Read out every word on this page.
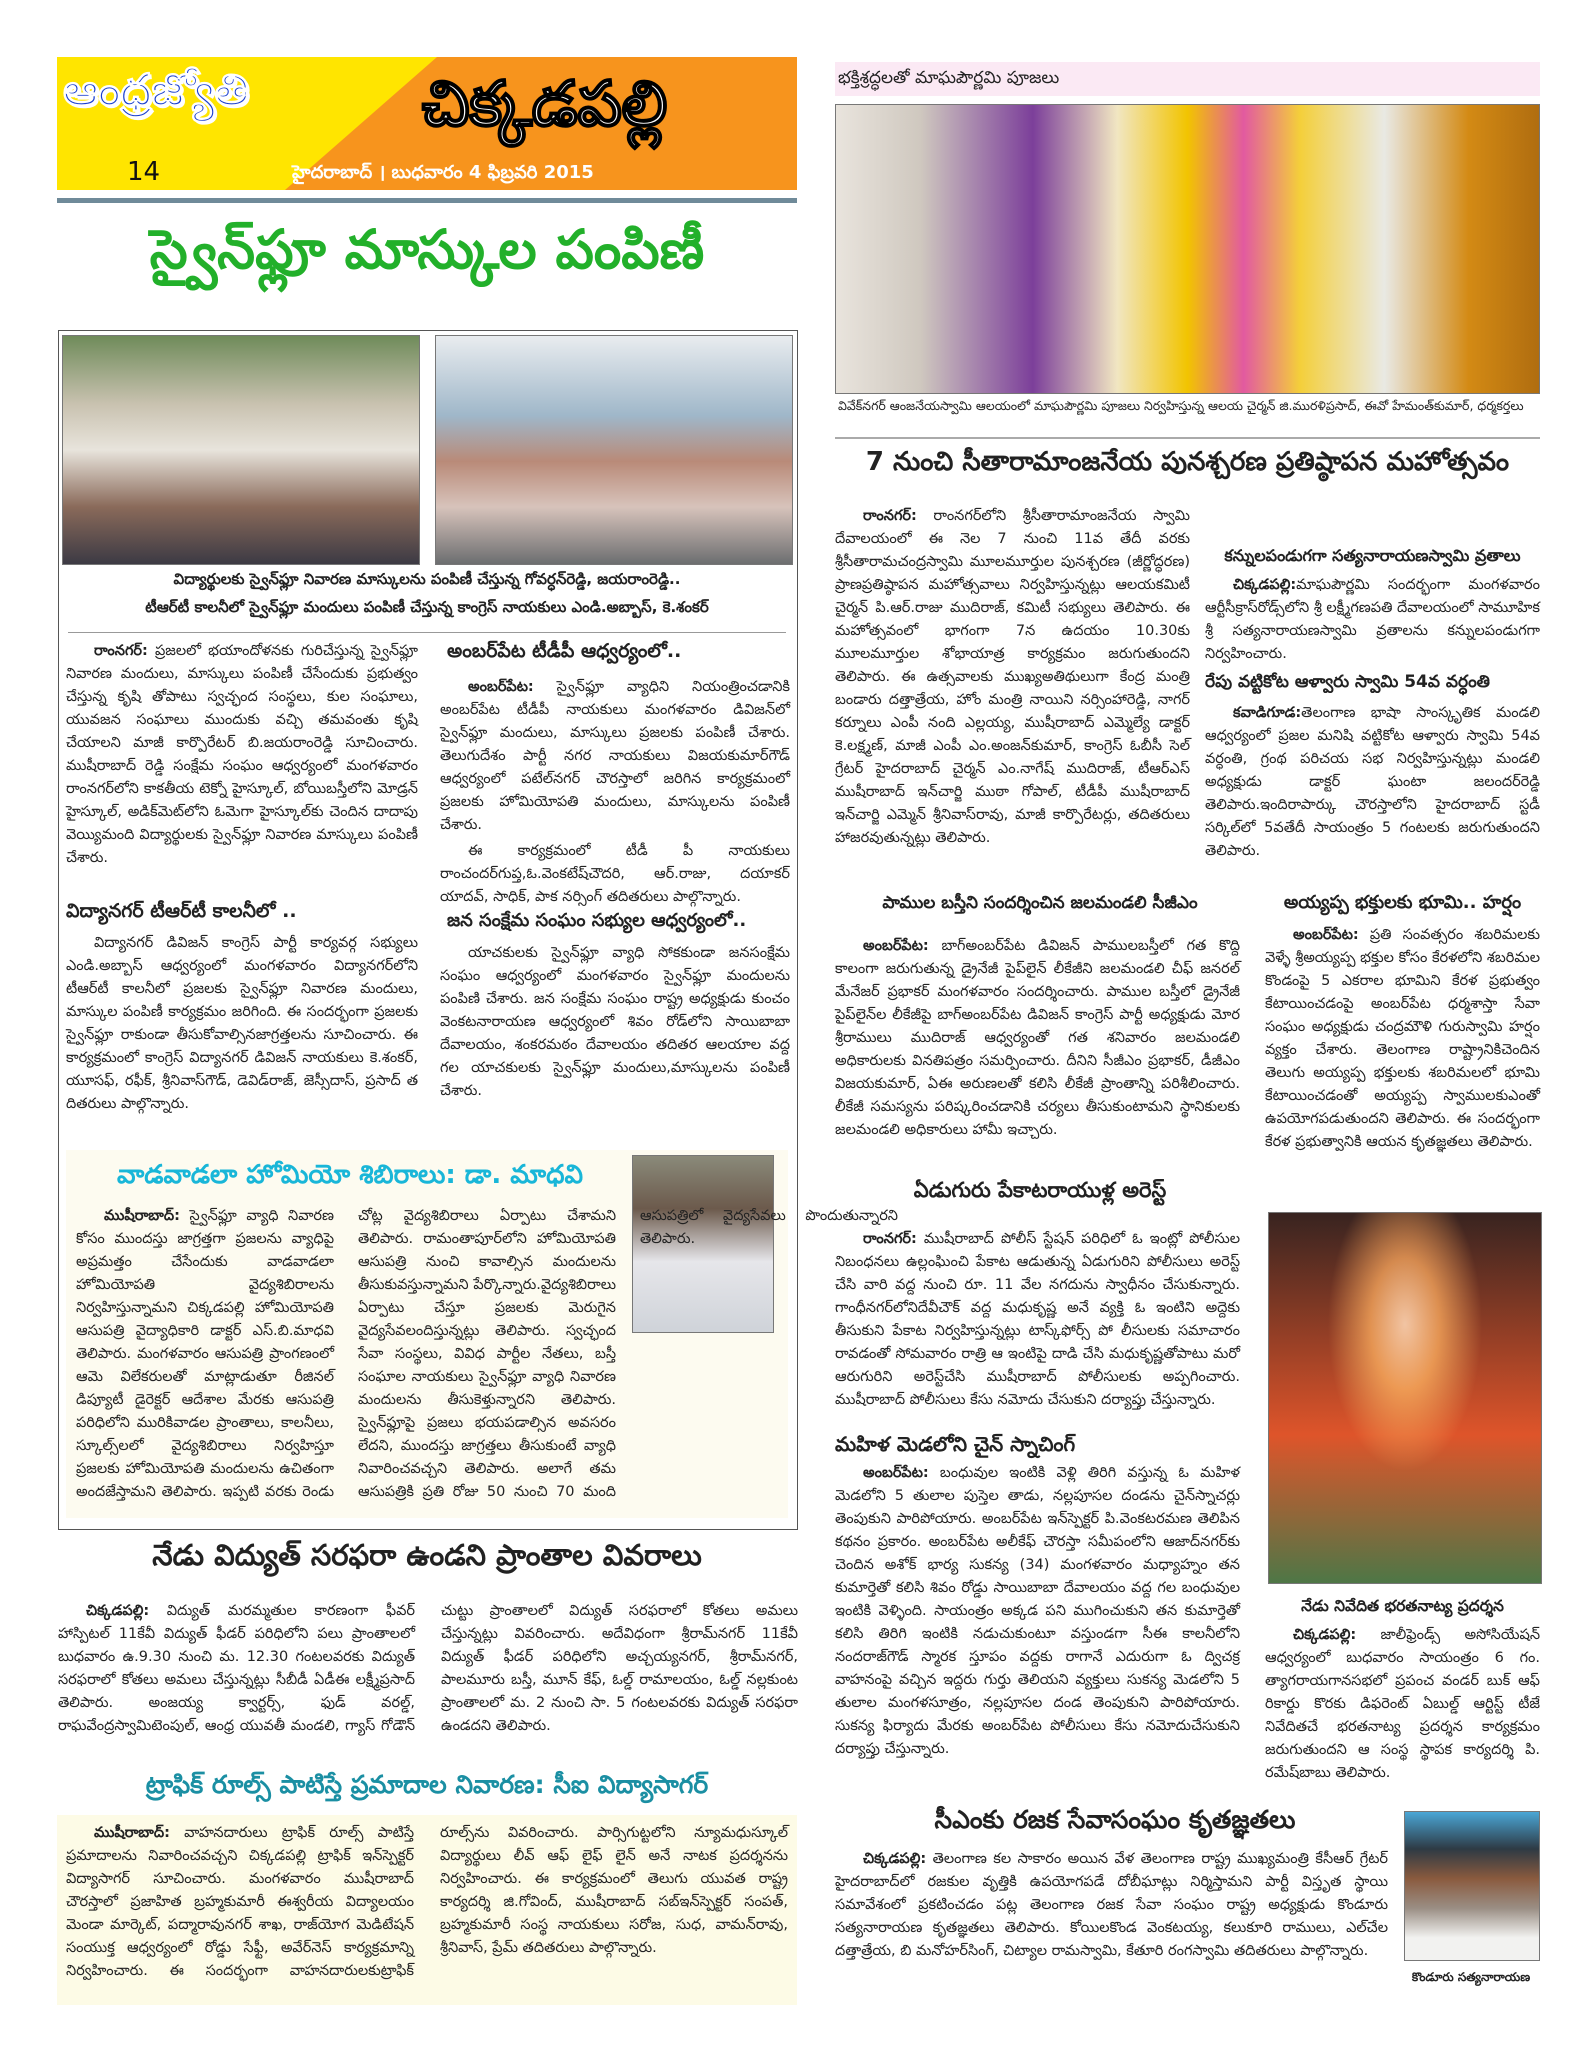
ఆంధ్రజ్యోతి
14
చిక్కడపల్లి
హైదరాబాద్ । బుధవారం 4 ఫిబ్రవరి 2015
స్వైన్‌ఫ్లూ మాస్కుల పంపిణీ
విద్యార్థులకు స్వైన్‌ఫ్లూ నివారణ మాస్కులను పంపిణీ చేస్తున్న గోవర్ధన్‌రెడ్డి, జయరాంరెడ్డి..
టీఆర్‌టీ కాలనీలో స్వైన్‌ఫ్లూ మందులు పంపిణీ చేస్తున్న కాంగ్రెస్ నాయకులు ఎండి.అబ్బాస్, కె.శంకర్
రాంనగర్: ప్రజలలో భయాందోళనకు గురిచేస్తున్న స్వైన్‌ఫ్లూ నివారణ మందులు, మాస్కులు పంపిణీ చేసేందుకు ప్రభుత్వం చేస్తున్న కృషి తోపాటు స్వచ్ఛంద సంస్థలు, కుల సంఘాలు, యువజన సంఘాలు ముందుకు వచ్చి తమవంతు కృషి చేయాలని మాజీ కార్పొరేటర్ బి.జయరాంరెడ్డి సూచించారు. ముషీరాబాద్ రెడ్డి సంక్షేమ సంఘం ఆధ్వర్యంలో మంగళవారం రాంనగర్‌లోని కాకతీయ టెక్నో హైస్కూల్, బోయిబస్తీలోని మోడ్రన్ హైస్కూల్, అడిక్‌మెట్‌లోని ఓమెగా హైస్కూల్‌కు చెందిన దాదాపు వెయ్యిమంది విద్యార్థులకు స్వైన్‌ఫ్లూ నివారణ మాస్కులు పంపిణీ చేశారు.
విద్యానగర్ టీఆర్‌టీ కాలనీలో ..
విద్యానగర్ డివిజన్ కాంగ్రెస్ పార్టీ కార్యవర్గ సభ్యులు ఎండి.అబ్బాస్ ఆధ్వర్యంలో మంగళవారం విద్యానగర్‌లోని టీఆర్‌టీ కాలనీలో ప్రజలకు స్వైన్‌ఫ్లూ నివారణ మందులు, మాస్కుల పంపిణీ కార్యక్రమం జరిగింది. ఈ సందర్భంగా ప్రజలకు స్వైన్‌ఫ్లూ రాకుండా తీసుకోవాల్సినజాగ్రత్తలను సూచించారు. ఈ కార్యక్రమంలో కాంగ్రెస్ విద్యానగర్ డివిజన్ నాయకులు కె.శంకర్, యూసఫ్, రఫీక్, శ్రీనివాస్‌గౌడ్, డెవిడ్‌రాజ్, జెస్సీదాస్, ప్రసాద్ త దితరులు పాల్గొన్నారు.
అంబర్‌పేట టీడీపీ ఆధ్వర్యంలో..
అంబర్‌పేట: స్వైన్‌ఫ్లూ వ్యాధిని నియంత్రించడానికి అంబర్‌పేట టీడీపీ నాయకులు మంగళవారం డివిజన్‌లో స్వైన్‌ఫ్లూ మందులు, మాస్కులు ప్రజలకు పంపిణీ చేశారు. తెలుగుదేశం పార్టీ నగర నాయకులు విజయకుమార్‌గౌడ్ ఆధ్వర్యంలో పటేల్‌నగర్ చౌరస్తాలో జరిగిన కార్యక్రమంలో ప్రజలకు హోమియోపతి మందులు, మాస్కులను పంపిణీ చేశారు.
ఈ కార్యక్రమంలో టీడీ పీ నాయకులు రాంచందర్‌గుప్త,ఓ.వెంకటేష్‌చౌదరి, ఆర్.రాజు, దయాకర్ యాదవ్, సాధిక్, పాక నర్సింగ్ తదితరులు పాల్గొన్నారు.
జన సంక్షేమ సంఘం సభ్యుల ఆధ్వర్యంలో..
యాచకులకు స్వైన్‌ఫ్లూ వ్యాధి సోకకుండా జనసంక్షేమ సంఘం ఆధ్వర్యంలో మంగళవారం స్వైన్‌ఫ్లూ మందులను పంపిణి చేశారు. జన సంక్షేమ సంఘం రాష్ట్ర అధ్యక్షుడు కుంచం వెంకటనారాయణ ఆధ్వర్యంలో శివం రోడ్‌లోని సాయిబాబా దేవాలయం, శంకరమఠం దేవాలయం తదితర ఆలయాల వద్ద గల యాచకులకు స్వైన్‌ఫ్లూ మందులు,మాస్కులను పంపిణీ చేశారు.
వాడవాడలా హోమియో శిబిరాలు: డా. మాధవి
ముషీరాబాద్: స్వైన్‌ఫ్లూ వ్యాధి నివారణ కోసం ముందస్తు జాగ్రత్తగా ప్రజలను వ్యాధిపై అప్రమత్తం చేసేందుకు వాడవాడలా హోమియోపతి వైద్యశిబిరాలను నిర్వహిస్తున్నామని చిక్కడపల్లి హోమియోపతి ఆసుపత్రి వైద్యాధికారి డాక్టర్ ఎస్.బి.మాధవి తెలిపారు. మంగళవారం ఆసుపత్రి ప్రాంగణంలో ఆమె విలేకరులతో మాట్లాడుతూ రీజినల్ డిప్యూటీ డైరెక్టర్ ఆదేశాల మేరకు ఆసుపత్రి పరిధిలోని మురికివాడల ప్రాంతాలు, కాలనీలు, స్కూల్స్‌లలో వైద్యశిబిరాలు నిర్వహిస్తూ ప్రజలకు హోమియోపతి మందులను ఉచితంగా అందజేస్తామని తెలిపారు. ఇప్పటి వరకు రెండు చోట్ల వైద్యశిబిరాలు ఏర్పాటు చేశామని తెలిపారు. రామంతాపూర్‌లోని హోమియోపతి ఆసుపత్రి నుంచి కావాల్సిన మందులను తీసుకువస్తున్నామని పేర్కొన్నారు.వైద్యశిబిరాలు ఏర్పాటు చేస్తూ ప్రజలకు మెరుగైన వైద్యసేవలందిస్తున్నట్లు తెలిపారు. స్వచ్ఛంద సేవా సంస్థలు, వివిధ పార్టీల నేతలు, బస్తీ సంఘాల నాయకులు స్వైన్‌ఫ్లూ వ్యాధి నివారణ మందులను తీసుకెళ్తున్నారని తెలిపారు. స్వైన్‌ఫ్లూపై ప్రజలు భయపడాల్సిన అవసరం లేదని, ముందస్తు జాగ్రత్తలు తీసుకుంటే వ్యాధి నివారించవచ్చని తెలిపారు. అలాగే తమ ఆసుపత్రికి ప్రతి రోజు 50 నుంచి 70 మంది ఆసుపత్రిలో వైద్యసేవలు పొందుతున్నారని తెలిపారు.
నేడు విద్యుత్ సరఫరా ఉండని ప్రాంతాల వివరాలు
చిక్కడపల్లి: విద్యుత్ మరమ్మతుల కారణంగా ఫీవర్ హాస్పిటల్ 11కేవీ విద్యుత్ ఫీడర్ పరిధిలోని పలు ప్రాంతాలలో బుధవారం ఉ.9.30 నుంచి మ. 12.30 గంటలవరకు విద్యుత్ సరఫరాలో కోతలు అమలు చేస్తున్నట్లు సీబీడీ ఏడీఈ లక్ష్మీప్రసాద్ తెలిపారు. అంజయ్య క్వార్టర్స్, ఫుడ్ వరల్డ్, రాఘవేంద్రస్వామిటెంపుల్, ఆంధ్ర యువతీ మండలి, గ్యాస్ గోడౌన్ చుట్టు ప్రాంతాలలో విద్యుత్ సరఫరాలో కోతలు అమలు చేస్తున్నట్లు వివరించారు. అదేవిధంగా శ్రీరామ్‌నగర్ 11కేవీ విద్యుత్ ఫీడర్ పరిధిలోని అచ్చయ్యనగర్, శ్రీరామ్‌నగర్, పాలమూరు బస్తీ, మూన్ కేఫ్, ఓల్డ్ రామాలయం, ఓల్డ్ నల్లకుంట ప్రాంతాలలో మ. 2 నుంచి సా. 5 గంటలవరకు విద్యుత్ సరఫరా ఉండదని తెలిపారు.
ట్రాఫిక్ రూల్స్ పాటిస్తే ప్రమాదాల నివారణ: సీఐ విద్యాసాగర్
ముషీరాబాద్: వాహనదారులు ట్రాఫిక్ రూల్స్ పాటిస్తే ప్రమాదాలను నివారించవచ్చని చిక్కడపల్లి ట్రాఫిక్ ఇన్‌స్పెక్టర్ విద్యాసాగర్ సూచించారు. మంగళవారం ముషీరాబాద్ చౌరస్తాలో ప్రజాహిత బ్రహ్మకుమారీ ఈశ్వరీయ విద్యాలయం మెండా మార్కెట్, పద్మారావునగర్ శాఖ, రాజ్‌యోగ మెడిటేషన్ సంయుక్త ఆధ్వర్యంలో రోడ్డు సేఫ్టీ, అవేర్‌నెస్ కార్యక్రమాన్ని నిర్వహించారు. ఈ సందర్భంగా వాహనదారులకుట్రాఫిక్ రూల్స్‌ను వివరించారు. పార్సిగుట్టలోని న్యూమధుస్కూల్ విద్యార్థులు లీవ్ ఆఫ్ లైఫ్ లైన్ అనే నాటక ప్రదర్శనను నిర్వహించారు. ఈ కార్యక్రమంలో తెలుగు యువత రాష్ట్ర కార్యదర్శి జి.గోవింద్, ముషీరాబాద్ సబ్‌ఇన్‌స్పెక్టర్ సంపత్, బ్రహ్మకుమారీ సంస్థ నాయకులు సరోజ, సుధ, వామన్‌రావు, శ్రీనివాస్, ప్రేమ్ తదితరులు పాల్గొన్నారు.
భక్తిశ్రద్ధలతో మాఘపౌర్ణమి పూజలు
వివేక్‌నగర్ ఆంజనేయస్వామి ఆలయంలో మాఘపౌర్ణమి పూజలు నిర్వహిస్తున్న ఆలయ చైర్మన్ జి.మురళిప్రసాద్, ఈవో హేమంత్‌కుమార్, ధర్మకర్తలు
7 నుంచి సీతారామాంజనేయ పునశ్చరణ ప్రతిష్ఠాపన మహోత్సవం
రాంనగర్: రాంనగర్‌లోని శ్రీసీతారామాంజనేయ స్వామి దేవాలయంలో ఈ నెల 7 నుంచి 11వ తేదీ వరకు శ్రీసీతారామచంద్రస్వామి మూలమూర్తుల పునశ్చరణ (జీర్ణోద్ధరణ) ప్రాణప్రతిష్ఠాపన మహోత్సవాలు నిర్వహిస్తున్నట్లు ఆలయకమిటీ చైర్మన్ పి.ఆర్.రాజు ముదిరాజ్, కమిటీ సభ్యులు తెలిపారు. ఈ మహోత్సవంలో భాగంగా 7న ఉదయం 10.30కు మూలమూర్తుల శోభాయాత్ర కార్యక్రమం జరుగుతుందని తెలిపారు. ఈ ఉత్సవాలకు ముఖ్యఅతిథులుగా కేంద్ర మంత్రి బండారు దత్తాత్రేయ, హోం మంత్రి నాయిని నర్సింహారెడ్డి, నాగర్ కర్నూలు ఎంపీ నంది ఎల్లయ్య, ముషీరాబాద్ ఎమ్మెల్యే డాక్టర్ కె.లక్ష్మణ్, మాజీ ఎంపీ ఎం.అంజన్‌కుమార్, కాంగ్రెస్ ఓబీసీ సెల్ గ్రేటర్ హైదరాబాద్ చైర్మన్ ఎం.నాగేష్ ముదిరాజ్, టీఆర్ఎస్ ముషీరాబాద్ ఇన్‌చార్జి ముఠా గోపాల్, టీడీపీ ముషీరాబాద్ ఇన్‌చార్జి ఎమ్మెన్ శ్రీనివాస్‌రావు, మాజీ కార్పొరేటర్లు, తదితరులు హాజరవుతున్నట్లు తెలిపారు.
కన్నులపండుగగా సత్యనారాయణస్వామి వ్రతాలు
చిక్కడపల్లి:మాఘపౌర్ణమి సందర్భంగా మంగళవారం ఆర్టీసీక్రాస్‌రోడ్స్‌లోని శ్రీ లక్ష్మీగణపతి దేవాలయంలో సామూహిక శ్రీ సత్యనారాయణస్వామి వ్రతాలను కన్నులపండుగగా నిర్వహించారు.
రేపు వట్టికోట ఆళ్వారు స్వామి 54వ వర్ధంతి
కవాడిగూడ:తెలంగాణ భాషా సాంస్కృతిక మండలి ఆధ్వర్యంలో ప్రజల మనిషి వట్టికోట ఆళ్వారు స్వామి 54వ వర్ధంతి, గ్రంథ పరిచయ సభ నిర్వహిస్తున్నట్లు మండలి అధ్యక్షుడు డాక్టర్ ఘంటా జలందర్‌రెడ్డి తెలిపారు.ఇందిరాపార్కు చౌరస్తాలోని హైదరాబాద్ స్టడీ సర్కిల్‌లో 5వతేదీ సాయంత్రం 5 గంటలకు జరుగుతుందని తెలిపారు.
పాముల బస్తీని సందర్శించిన జలమండలి సీజీఎం
అంబర్‌పేట: బాగ్‌అంబర్‌పేట డివిజన్ పాములబస్తీలో గత కొద్ది కాలంగా జరుగుతున్న డ్రైనేజీ పైప్‌లైన్ లీకేజీని జలమండలి చీఫ్ జనరల్ మేనేజర్ ప్రభాకర్ మంగళవారం సందర్శించారు. పాముల బస్తీలో డ్రైనేజీ పైప్‌లైన్‌ల లీకేజీపై బాగ్‌అంబర్‌పేట డివిజన్ కాంగ్రెస్ పార్టీ అధ్యక్షుడు మోర శ్రీరాములు ముదిరాజ్ ఆధ్వర్యంతో గత శనివారం జలమండలి అధికారులకు వినతిపత్రం సమర్పించారు. దీనిని సీజీఎం ప్రభాకర్, డీజీఎం విజయకుమార్, ఏఈ అరుణలతో కలిసి లీకేజీ ప్రాంతాన్ని పరిశీలించారు. లీకేజీ సమస్యను పరిష్కరించడానికి చర్యలు తీసుకుంటామని స్థానికులకు జలమండలి అధికారులు హామీ ఇచ్చారు.
ఏడుగురు పేకాటరాయుళ్ల అరెస్ట్
రాంనగర్: ముషీరాబాద్ పోలీస్ స్టేషన్ పరిధిలో ఓ ఇంట్లో పోలీసుల నిబంధనలు ఉల్లంఘించి పేకాట ఆడుతున్న ఏడుగురిని పోలీసులు అరెస్ట్ చేసి వారి వద్ద నుంచి రూ. 11 వేల నగదును స్వాధీనం చేసుకున్నారు. గాంధీనగర్‌లోనిదేవీచౌక్ వద్ద మధుకృష్ణ అనే వ్యక్తి ఓ ఇంటిని అద్దెకు తీసుకుని పేకాట నిర్వహిస్తున్నట్లు టాస్క్‌ఫోర్స్ పో లీసులకు సమాచారం రావడంతో సోమవారం రాత్రి ఆ ఇంటిపై దాడి చేసి మధుకృష్ణతోపాటు మరో ఆరుగురిని అరెస్ట్‌చేసి ముషీరాబాద్ పోలీసులకు అప్పగించారు. ముషీరాబాద్ పోలీసులు కేసు నమోదు చేసుకుని దర్యాప్తు చేస్తున్నారు.
మహిళ మెడలోని చైన్ స్నాచింగ్
అంబర్‌పేట: బంధువుల ఇంటికి వెళ్లి తిరిగి వస్తున్న ఓ మహిళ మెడలోని 5 తులాల పుస్తెల తాడు, నల్లపూసల దండను చైన్‌స్నాచర్లు తెంపుకుని పారిపోయారు. అంబర్‌పేట ఇన్‌స్పెక్టర్ పి.వెంకటరమణ తెలిపిన కథనం ప్రకారం. అంబర్‌పేట అలీకేఫ్ చౌరస్తా సమీపంలోని ఆజాద్‌నగర్‌కు చెందిన అశోక్ భార్య సుకన్య (34) మంగళవారం మధ్యాహ్నం తన కుమార్తెతో కలిసి శివం రోడ్డు సాయిబాబా దేవాలయం వద్ద గల బంధువుల ఇంటికి వెళ్ళింది. సాయంత్రం అక్కడ పని ముగించుకుని తన కుమార్తెతో కలిసి తిరిగి ఇంటికి నడుచుకుంటూ వస్తుండగా సీఈ కాలనీలోని నందరాజ్‌గౌడ్ స్మారక స్తూపం వద్దకు రాగానే ఎదురుగా ఓ ద్విచక్ర వాహనంపై వచ్చిన ఇద్దరు గుర్తు తెలియని వ్యక్తులు సుకన్య మెడలోని 5 తులాల మంగళసూత్రం, నల్లపూసల దండ తెంపుకుని పారిపోయారు. సుకన్య ఫిర్యాదు మేరకు అంబర్‌పేట పోలీసులు కేసు నమోదుచేసుకుని దర్యాప్తు చేస్తున్నారు.
అయ్యప్ప భక్తులకు భూమి.. హర్షం
అంబర్‌పేట: ప్రతి సంవత్సరం శబరిమలకు వెళ్ళే శ్రీఅయ్యప్ప భక్తుల కోసం కేరళలోని శబరిమల కొండంపై 5 ఎకరాల భూమిని కేరళ ప్రభుత్వం కేటాయించడంపై అంబర్‌పేట ధర్మశాస్తా సేవా సంఘం అధ్యక్షుడు చంద్రమౌళి గురుస్వామి హర్షం వ్యక్తం చేశారు. తెలంగాణ రాష్ట్రానికిచెందిన తెలుగు అయ్యప్ప భక్తులకు శబరిమలలో భూమి కేటాయించడంతో అయ్యప్ప స్వాములకుఎంతో ఉపయోగపడుతుందని తెలిపారు. ఈ సందర్భంగా కేరళ ప్రభుత్వానికి ఆయన కృతజ్ఞతలు తెలిపారు.
నేడు నివేదిత భరతనాట్య ప్రదర్శన
చిక్కడపల్లి: జాలీఫ్రెండ్స్ అసోసియేషన్ ఆధ్వర్యంలో బుధవారం సాయంత్రం 6 గం. త్యాగరాయగానసభలో ప్రపంచ వండర్ బుక్ ఆఫ్ రికార్డు కొరకు డిఫరెంట్ ఏబుల్డ్ ఆర్టిస్ట్ టీజే నివేదితచే భరతనాట్య ప్రదర్శన కార్యక్రమం జరుగుతుందని ఆ సంస్థ స్థాపక కార్యదర్శి పి. రమేష్‌బాబు తెలిపారు.
సీఎంకు రజక సేవాసంఘం కృతజ్ఞతలు
చిక్కడపల్లి: తెలంగాణ కల సాకారం అయిన వేళ తెలంగాణ రాష్ట్ర ముఖ్యమంత్రి కేసీఆర్ గ్రేటర్ హైదరాబాద్‌లో రజకుల వృత్తికి ఉపయోగపడే దోబీఘాట్లు నిర్మిస్తామని పార్టీ విస్తృత స్థాయి సమావేశంలో ప్రకటించడం పట్ల తెలంగాణ రజక సేవా సంఘం రాష్ట్ర అధ్యక్షుడు కొండూరు సత్యనారాయణ కృతజ్ఞతలు తెలిపారు. కోయిలకొండ వెంకటయ్య, కలుకూరి రాములు, ఎల్‌చేల దత్తాత్రేయ, బి మనోహర్‌సింగ్, చిట్యాల రామస్వామి, కేతూరి రంగస్వామి తదితరులు పాల్గొన్నారు.
కొండూరు సత్యనారాయణ
